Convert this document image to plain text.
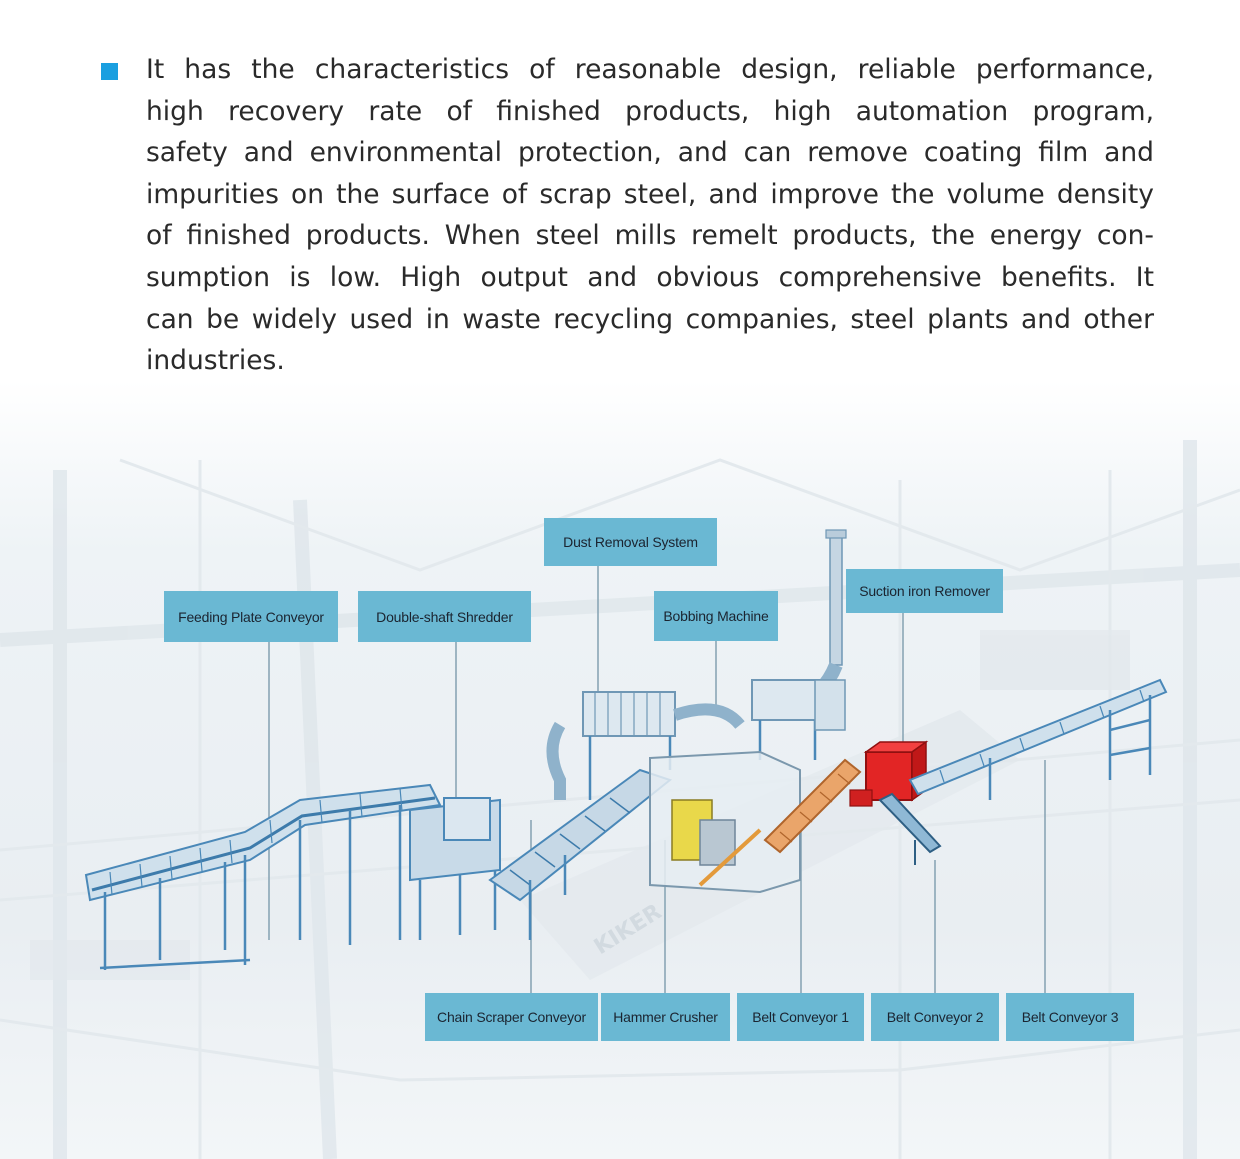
It has the characteristics of reasonable design, reliable performance,
high recovery rate of finished products, high automation program,
safety and environmental protection, and can remove coating film and
impurities on the surface of scrap steel, and improve the volume density
of finished products. When steel mills remelt products, the energy con-
sumption is low. High output and obvious comprehensive benefits. It
can be widely used in waste recycling companies, steel plants and other
industries.
KIKER
Dust Removal System
Suction iron Remover
Feeding Plate Conveyor	Double-shaft Shredder	Bobbing Machine
Chain Scraper Conveyor	Hammer Crusher	Belt Conveyor 1	Belt Conveyor 2	Belt Conveyor 3
